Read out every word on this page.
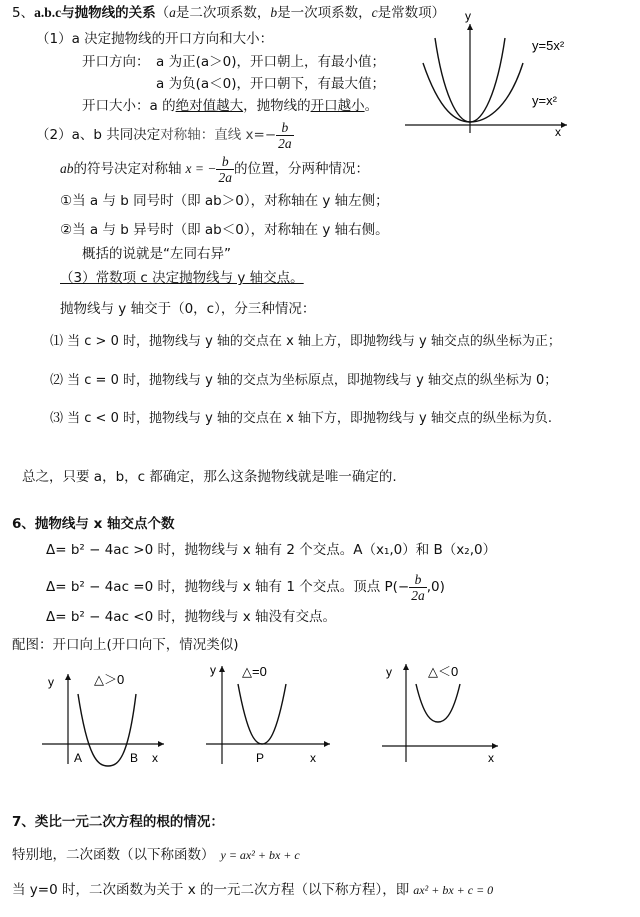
5、a.b.c与抛物线的关系（a是二次项系数，b是一次项系数，c是常数项）
（1）a 决定抛物线的开口方向和大小：
开口方向： a 为正(a＞0)，开口朝上，有最小值；
a 为负(a＜0)，开口朝下，有最大值；
开口大小：a 的绝对值越大，抛物线的开口越小。
（2）a、b 共同决定对称轴：直线 $x=- \frac{b}{2a}$
ab的符号决定对称轴 x = − $\frac{b}{2a}$ 的位置，分两种情况：
①当 a 与 b 同号时（即 ab＞0），对称轴在 y 轴左侧；
②当 a 与 b 异号时（即 ab＜0），对称轴在 y 轴右侧。
概括的说就是“左同右异”
（3）常数项 c 决定抛物线与 y 轴交点。
抛物线与 y 轴交于（0，c），分三种情况：
⑴ 当 c > 0 时，抛物线与 y 轴的交点在 x 轴上方，即抛物线与 y 轴交点的纵坐标为正；
⑵ 当 c = 0 时，抛物线与 y 轴的交点为坐标原点，即抛物线与 y 轴交点的纵坐标为 0；
⑶ 当 c < 0 时，抛物线与 y 轴的交点在 x 轴下方，即抛物线与 y 轴交点的纵坐标为负.
总之，只要 a，b，c 都确定，那么这条抛物线就是唯一确定的.
y
x
y=5x²
y=x²
6、抛物线与 x 轴交点个数
Δ= b² − 4ac >0 时，抛物线与 x 轴有 2 个交点。A（x₁,0）和 B（x₂,0）
Δ= b² − 4ac =0 时，抛物线与 x 轴有 1 个交点。顶点 $P(- \frac{b}{2a} ,0)$
Δ= b² − 4ac <0 时，抛物线与 x 轴没有交点。
配图：开口向上(开口向下，情况类似)
y
x
△＞0
A	B
y
x
△=0
P
y
x
△＜0
7、类比一元二次方程的根的情况：
特别地，二次函数（以下称函数） y = ax² + bx + c
当 y=0 时，二次函数为关于 x 的一元二次方程（以下称方程），即 ax² + bx + c = 0
